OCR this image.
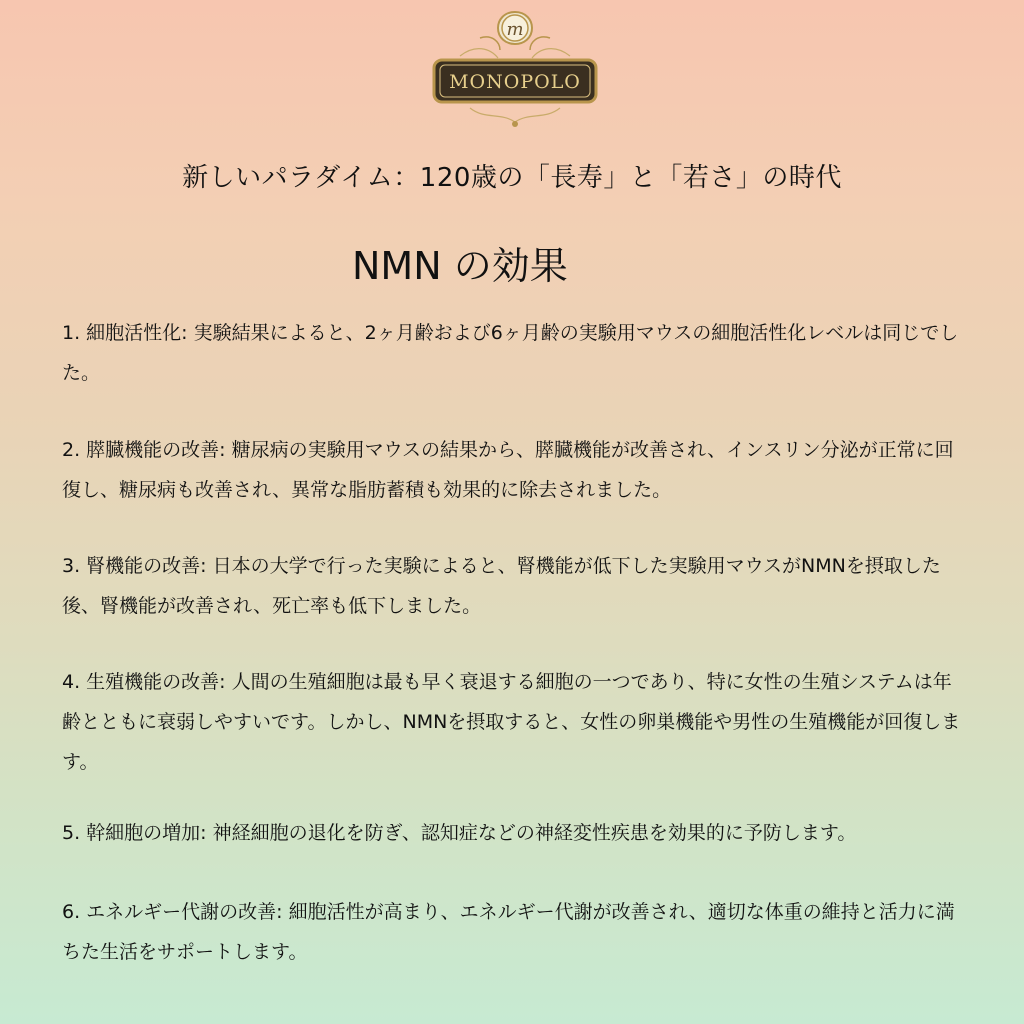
m
MONOPOLO
新しいパラダイム：120歳の「長寿」と「若さ」の時代
NMN の効果

1. 細胞活性化: 実験結果によると、2ヶ月齢および6ヶ月齢の実験用マウスの細胞活性化レベルは同じでした。

2. 膵臓機能の改善: 糖尿病の実験用マウスの結果から、膵臓機能が改善され、インスリン分泌が正常に回復し、糖尿病も改善され、異常な脂肪蓄積も効果的に除去されました。

3. 腎機能の改善: 日本の大学で行った実験によると、腎機能が低下した実験用マウスがNMNを摂取した後、腎機能が改善され、死亡率も低下しました。

4. 生殖機能の改善: 人間の生殖細胞は最も早く衰退する細胞の一つであり、特に女性の生殖システムは年齢とともに衰弱しやすいです。しかし、NMNを摂取すると、女性の卵巣機能や男性の生殖機能が回復します。

5. 幹細胞の増加: 神経細胞の退化を防ぎ、認知症などの神経変性疾患を効果的に予防します。

6. エネルギー代謝の改善: 細胞活性が高まり、エネルギー代謝が改善され、適切な体重の維持と活力に満ちた生活をサポートします。
